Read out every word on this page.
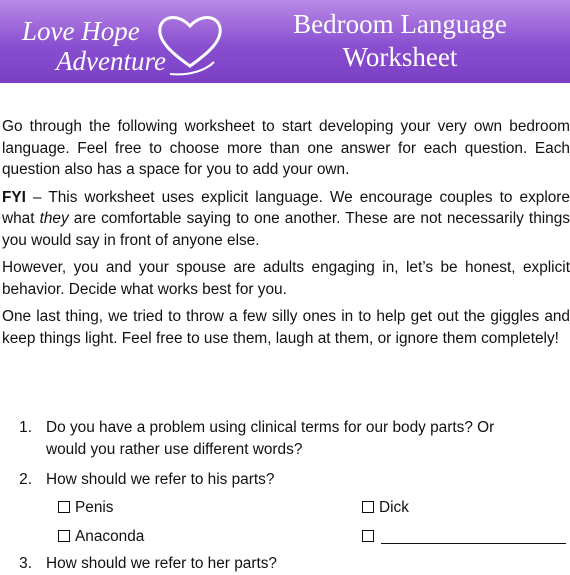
Love Hope
Adventure
Bedroom Language
Worksheet

Go through the following worksheet to start developing your very own bedroom language. Feel free to choose more than one answer for each question. Each question also has a space for you to add your own.

FYI – This worksheet uses explicit language. We encourage couples to explore what they are comfortable saying to one another. These are not necessarily things you would say in front of anyone else.

However, you and your spouse are adults engaging in, let’s be honest, explicit behavior. Decide what works best for you.

One last thing, we tried to throw a few silly ones in to help get out the giggles and keep things light. Feel free to use them, laugh at them, or ignore them completely!

1. Do you have a problem using clinical terms for our body parts? Or
would you rather use different words?
2. How should we refer to his parts?
Penis	Dick
Anaconda
3. How should we refer to her parts?
